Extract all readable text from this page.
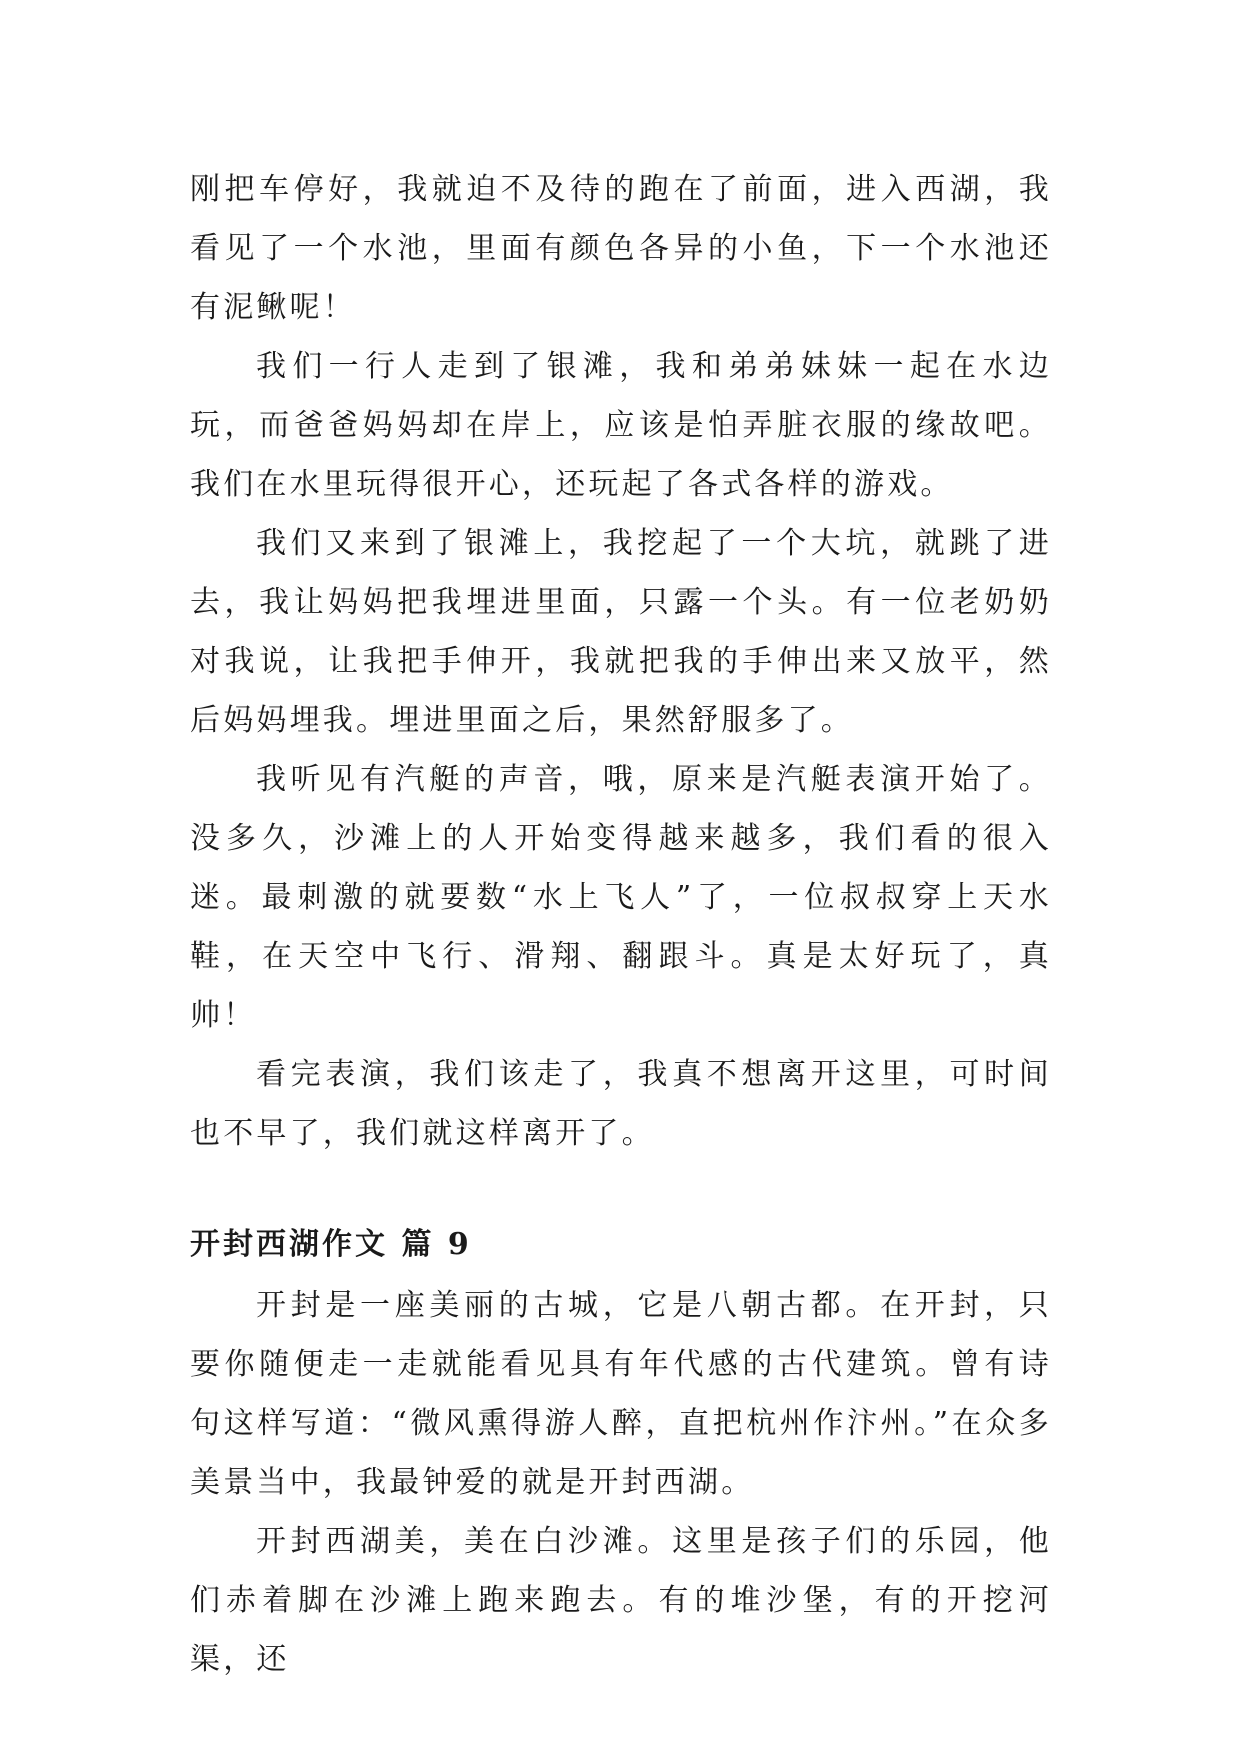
刚把车停好，我就迫不及待的跑在了前面，进入西湖，我看见了一个水池，里面有颜色各异的小鱼，下一个水池还有泥鳅呢！

我们一行人走到了银滩，我和弟弟妹妹一起在水边玩，而爸爸妈妈却在岸上，应该是怕弄脏衣服的缘故吧。我们在水里玩得很开心，还玩起了各式各样的游戏。

我们又来到了银滩上，我挖起了一个大坑，就跳了进去，我让妈妈把我埋进里面，只露一个头。有一位老奶奶对我说，让我把手伸开，我就把我的手伸出来又放平，然后妈妈埋我。埋进里面之后，果然舒服多了。

我听见有汽艇的声音，哦，原来是汽艇表演开始了。没多久，沙滩上的人开始变得越来越多，我们看的很入迷。最刺激的就要数“水上飞人”了，一位叔叔穿上天水鞋，在天空中飞行、滑翔、翻跟斗。真是太好玩了，真帅！

看完表演，我们该走了，我真不想离开这里，可时间也不早了，我们就这样离开了。

开封西湖作文 篇 9

开封是一座美丽的古城，它是八朝古都。在开封，只要你随便走一走就能看见具有年代感的古代建筑。曾有诗句这样写道：“微风熏得游人醉，直把杭州作汴州。”在众多美景当中，我最钟爱的就是开封西湖。

开封西湖美，美在白沙滩。这里是孩子们的乐园，他们赤着脚在沙滩上跑来跑去。有的堆沙堡，有的开挖河渠，还
